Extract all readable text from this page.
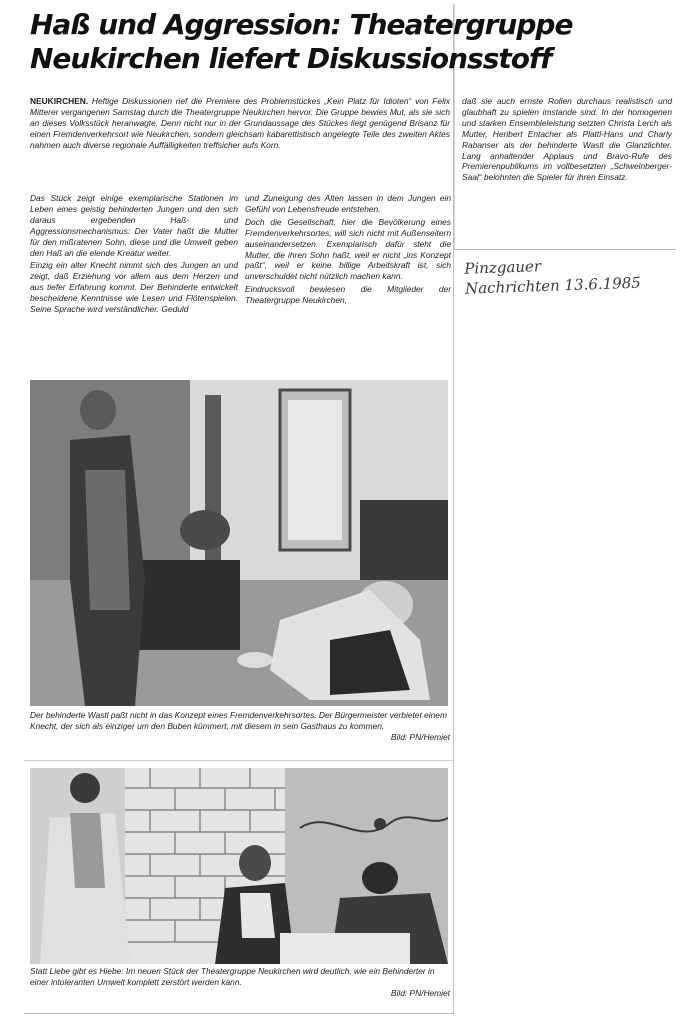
Haß und Aggression: Theatergruppe
Neukirchen liefert Diskussionsstoff
NEUKIRCHEN. Heftige Diskussionen rief die Premiere des Problemstückes „Kein Platz für Idioten“ von Felix Mitterer vergangenen Samstag durch die Theatergruppe Neukirchen hervor. Die Gruppe bewies Mut, als sie sich an dieses Volksstück heranwagte. Denn nicht nur in der Grundaussage des Stückes liegt genügend Brisanz für einen Fremdenverkehrsort wie Neukirchen, sondern gleichsam kabarettistisch angelegte Teile des zweiten Aktes nahmen auch diverse regionale Auffälligkeiten treffsicher aufs Korn.

Das Stück zeigt einige exemplarische Stationen im Leben eines geistig behinderten Jungen und den sich daraus ergebenden Haß- und Aggressionsmechanismus: Der Vater haßt die Mutter für den mißratenen Sohn, diese und die Umwelt geben den Haß an die elende Kreatur weiter.

Einzig ein alter Knecht nimmt sich des Jungen an und zeigt, daß Erziehung vor allem aus dem Herzen und aus tiefer Erfahrung kommt. Der Behinderte entwickelt bescheidene Kenntnisse wie Lesen und Flötenspielen. Seine Sprache wird verständlicher. Geduld

und Zuneigung des Alten lassen in dem Jungen ein Gefühl von Lebensfreude entstehen.

Doch die Gesellschaft, hier die Bevölkerung eines Fremdenverkehrsortes, will sich nicht mit Außenseitern auseinandersetzen. Exemplarisch dafür steht die Mutter, die ihren Sohn haßt, weil er nicht „ins Konzept paßt“, weil er keine billige Arbeitskraft ist, sich unverschuldet nicht nützlich machen kann.

Eindrucksvoll bewiesen die Mitglieder der Theatergruppe Neukirchen,

daß sie auch ernste Rollen durchaus realistisch und glaubhaft zu spielen imstande sind. In der homogenen und starken Ensembleleistung setzten Christa Lerch als Mutter, Heribert Entacher als Plattl-Hans und Charly Rabanser als der behinderte Wastl die Glanzlichter. Lang anhaltender Applaus und Bravo-Rufe des Premierenpublikums im vollbesetzten „Schweinberger-Saal“ belohnten die Spieler für ihren Einsatz.

Pinzgauer
Nachrichten 13.6.1985
Der behinderte Wastl paßt nicht in das Konzept eines Fremdenverkehrsortes. Der Bürgermeister verbietet einem Knecht, der sich als einziger um den Buben kümmert, mit diesem in sein Gasthaus zu kommen.
Bild: PN/Hemiet
Statt Liebe gibt es Hiebe: Im neuen Stück der Theatergruppe Neukirchen wird deutlich, wie ein Behinderter in einer intoleranten Umwelt komplett zerstört werden kann.
Bild: PN/Hemiet
